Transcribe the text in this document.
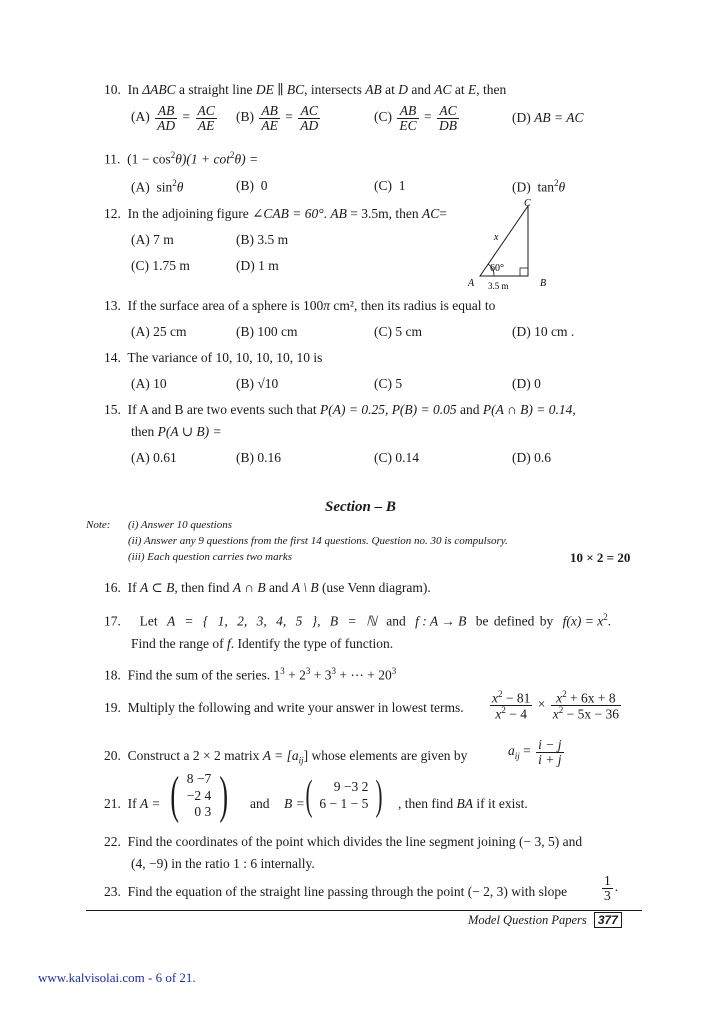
10. In ΔABC a straight line DE ∥ BC, intersects AB at D and AC at E, then
$(A) \frac{AB}{AD} = \frac{AC}{AE} (B) \frac{AB}{AE} = \frac{AC}{AD}$	$(C) \frac{AB}{EC} = \frac{AC}{DB}$	(D) AB = AC
11. $(1 - \cos^2\theta)(1 + \cot^2\theta)$ =
(A) $\sin^2\theta$	(B) 0	(C) 1	(D) $\tan^2\theta$
12. In the adjoining figure ∠CAB = 60°. AB = 3.5m, then AC=
(A) 7 m	(B) 3.5 m
(C) 1.75 m	(D) 1 m
C
A	B
x
60°
3.5 m
13. If the surface area of a sphere is 100π cm², then its radius is equal to
(A) 25 cm	(B) 100 cm	(C) 5 cm	(D) 10 cm .
14. The variance of 10, 10, 10, 10, 10 is
(A) 10	(B) √10	(C) 5	(D) 0
15. If A and B are two events such that P(A) = 0.25, P(B) = 0.05 and P(A ∩ B) = 0.14,
then P(A ∪ B) =
(A) 0.61	(B) 0.16	(C) 0.14	(D) 0.6
Section – B
Note: (i) Answer 10 questions
(ii) Answer any 9 questions from the first 14 questions. Question no. 30 is compulsory.
(iii) Each question carries two marks	10 × 2 = 20
16. If A ⊂ B, then find A ∩ B and A \ B (use Venn diagram).
17. Let A = { 1, 2, 3, 4, 5 }, B = ℕ and f : A → B be defined by $f(x) = x^2$.
Find the range of f. Identify the type of function.
18. Find the sum of the series. $1^3 + 2^3 + 3^3$ + ⋯ + $20^3$
19. Multiply the following and write your answer in lowest terms. $\frac{x^2 - 81}{x^2 - 4} \times \frac{x^2 + 6x + 8}{x^2 - 5x - 36}$
20. Construct a 2 × 2 matrix $A = [a_{ij}]$ whose elements are given by	$a_{ij} = \frac{i - j}{i + j}$
21. If A = ( 8 −7
−2 4
0 3 )	and B = (	9 −3 2
6 − 1 − 5 ) , then find BA if it exist.
22. Find the coordinates of the point which divides the line segment joining (− 3, 5) and
(4, −9) in the ratio 1 : 6 internally.
23. Find the equation of the straight line passing through the point (− 2, 3) with slope	$\frac{1}{3}$ .
Model Question Papers 377
www.kalvisolai.com - 6 of 21.
